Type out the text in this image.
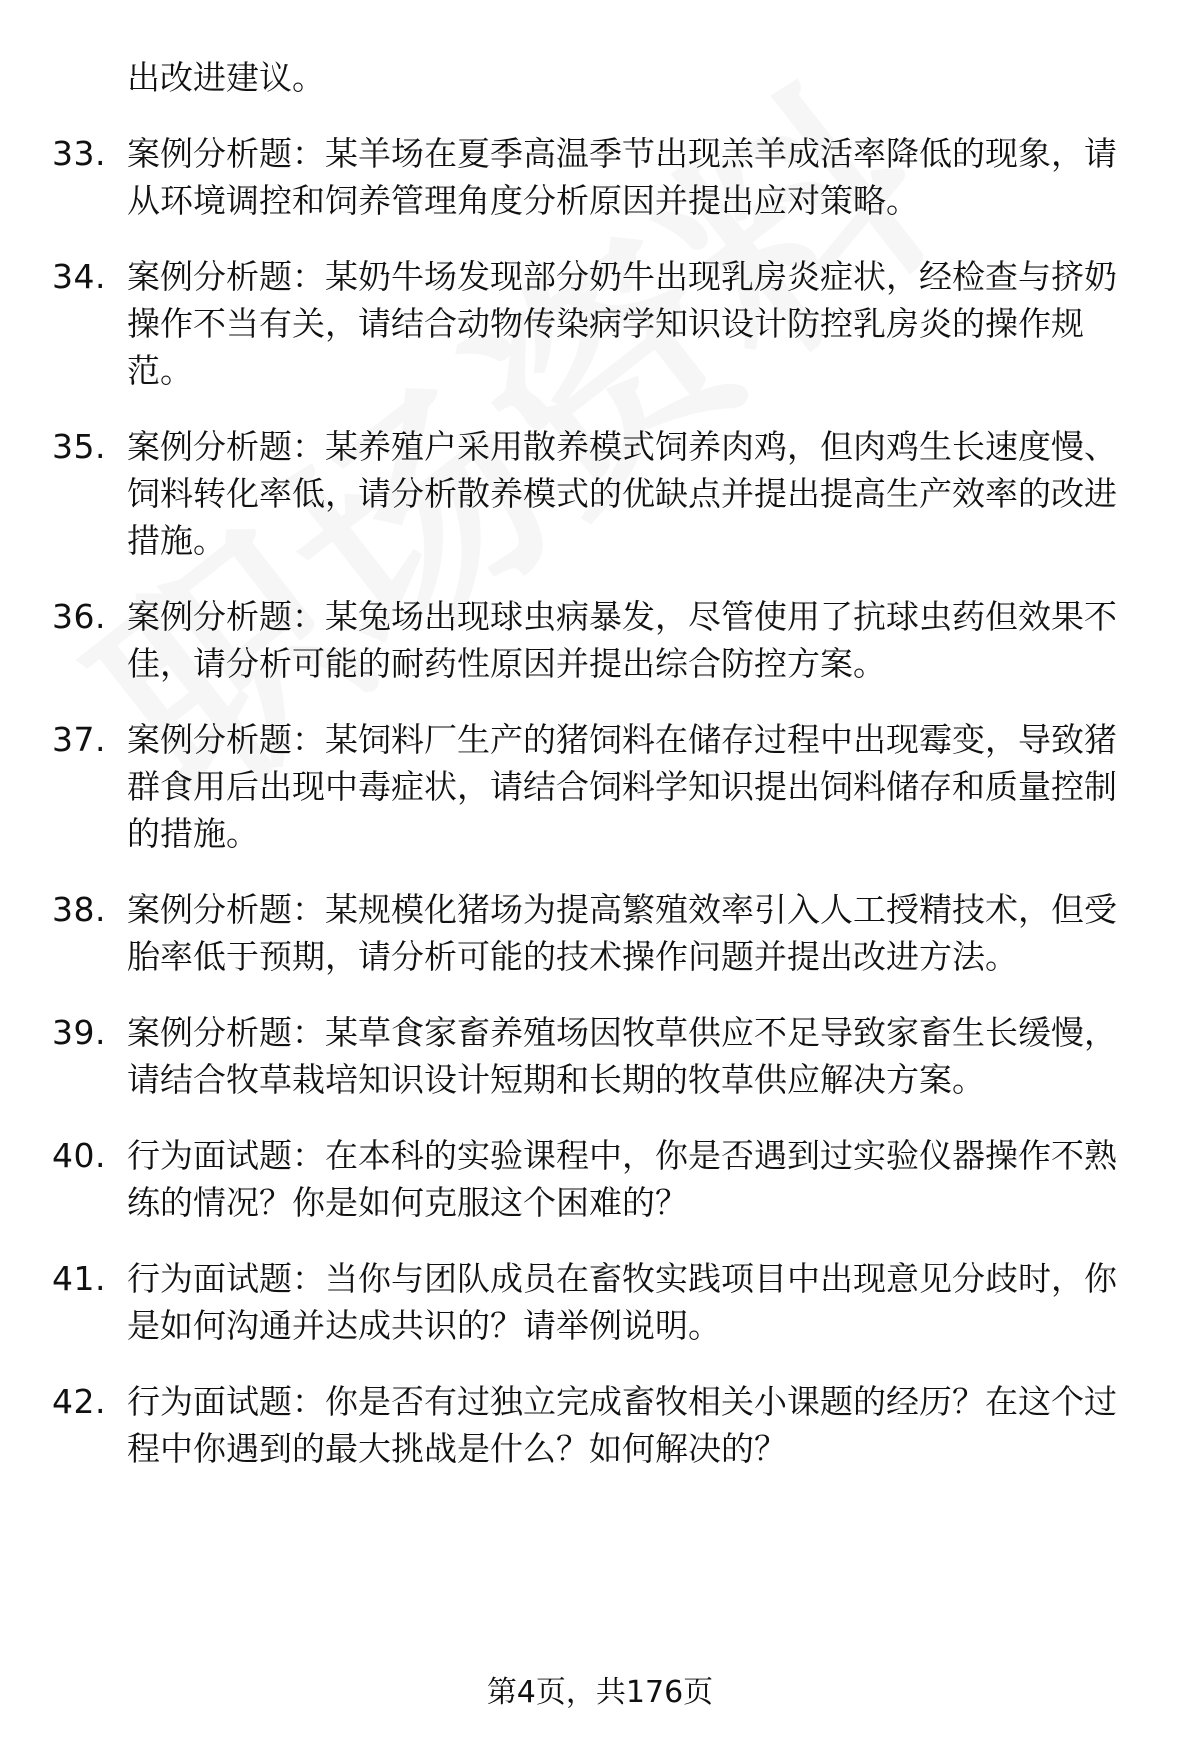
出改进建议。
33. 案例分析题：某羊场在夏季高温季节出现羔羊成活率降低的现象，请从环境调控和饲养管理角度分析原因并提出应对策略。
34. 案例分析题：某奶牛场发现部分奶牛出现乳房炎症状，经检查与挤奶操作不当有关，请结合动物传染病学知识设计防控乳房炎的操作规范。
35. 案例分析题：某养殖户采用散养模式饲养肉鸡，但肉鸡生长速度慢、饲料转化率低，请分析散养模式的优缺点并提出提高生产效率的改进措施。
36. 案例分析题：某兔场出现球虫病暴发，尽管使用了抗球虫药但效果不佳，请分析可能的耐药性原因并提出综合防控方案。
37. 案例分析题：某饲料厂生产的猪饲料在储存过程中出现霉变，导致猪群食用后出现中毒症状，请结合饲料学知识提出饲料储存和质量控制的措施。
38. 案例分析题：某规模化猪场为提高繁殖效率引入人工授精技术，但受胎率低于预期，请分析可能的技术操作问题并提出改进方法。
39. 案例分析题：某草食家畜养殖场因牧草供应不足导致家畜生长缓慢，请结合牧草栽培知识设计短期和长期的牧草供应解决方案。
40. 行为面试题：在本科的实验课程中，你是否遇到过实验仪器操作不熟练的情况？你是如何克服这个困难的？
41. 行为面试题：当你与团队成员在畜牧实践项目中出现意见分歧时，你是如何沟通并达成共识的？请举例说明。
42. 行为面试题：你是否有过独立完成畜牧相关小课题的经历？在这个过程中你遇到的最大挑战是什么？如何解决的？
第4页，共176页
